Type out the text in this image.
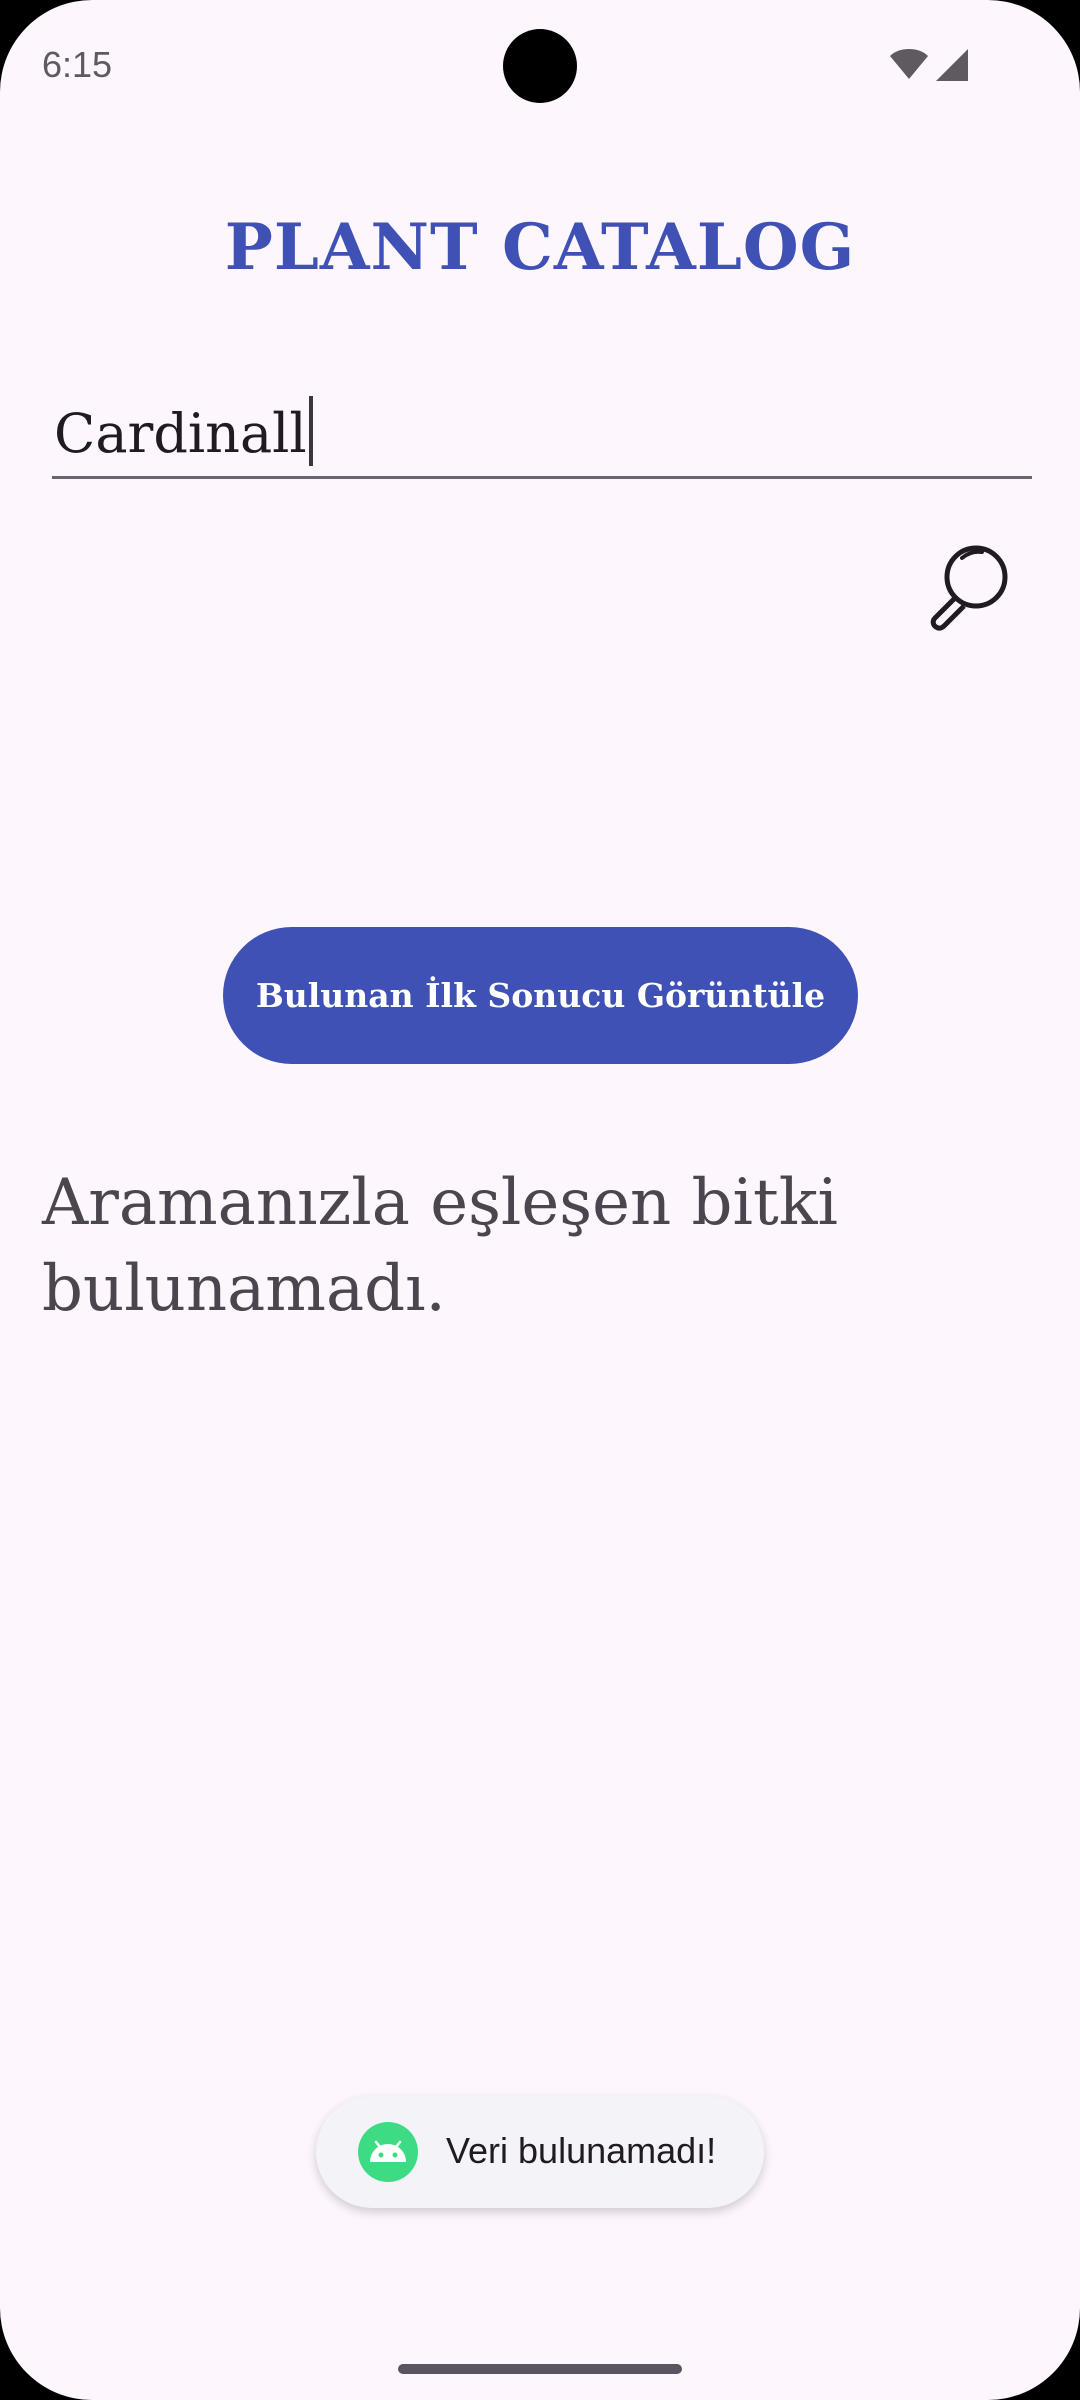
6:15
PLANT CATALOG
Cardinall
Bulunan İlk Sonucu Görüntüle
Aramanızla eşleşen bitki bulunamadı.
Veri bulunamadı!
